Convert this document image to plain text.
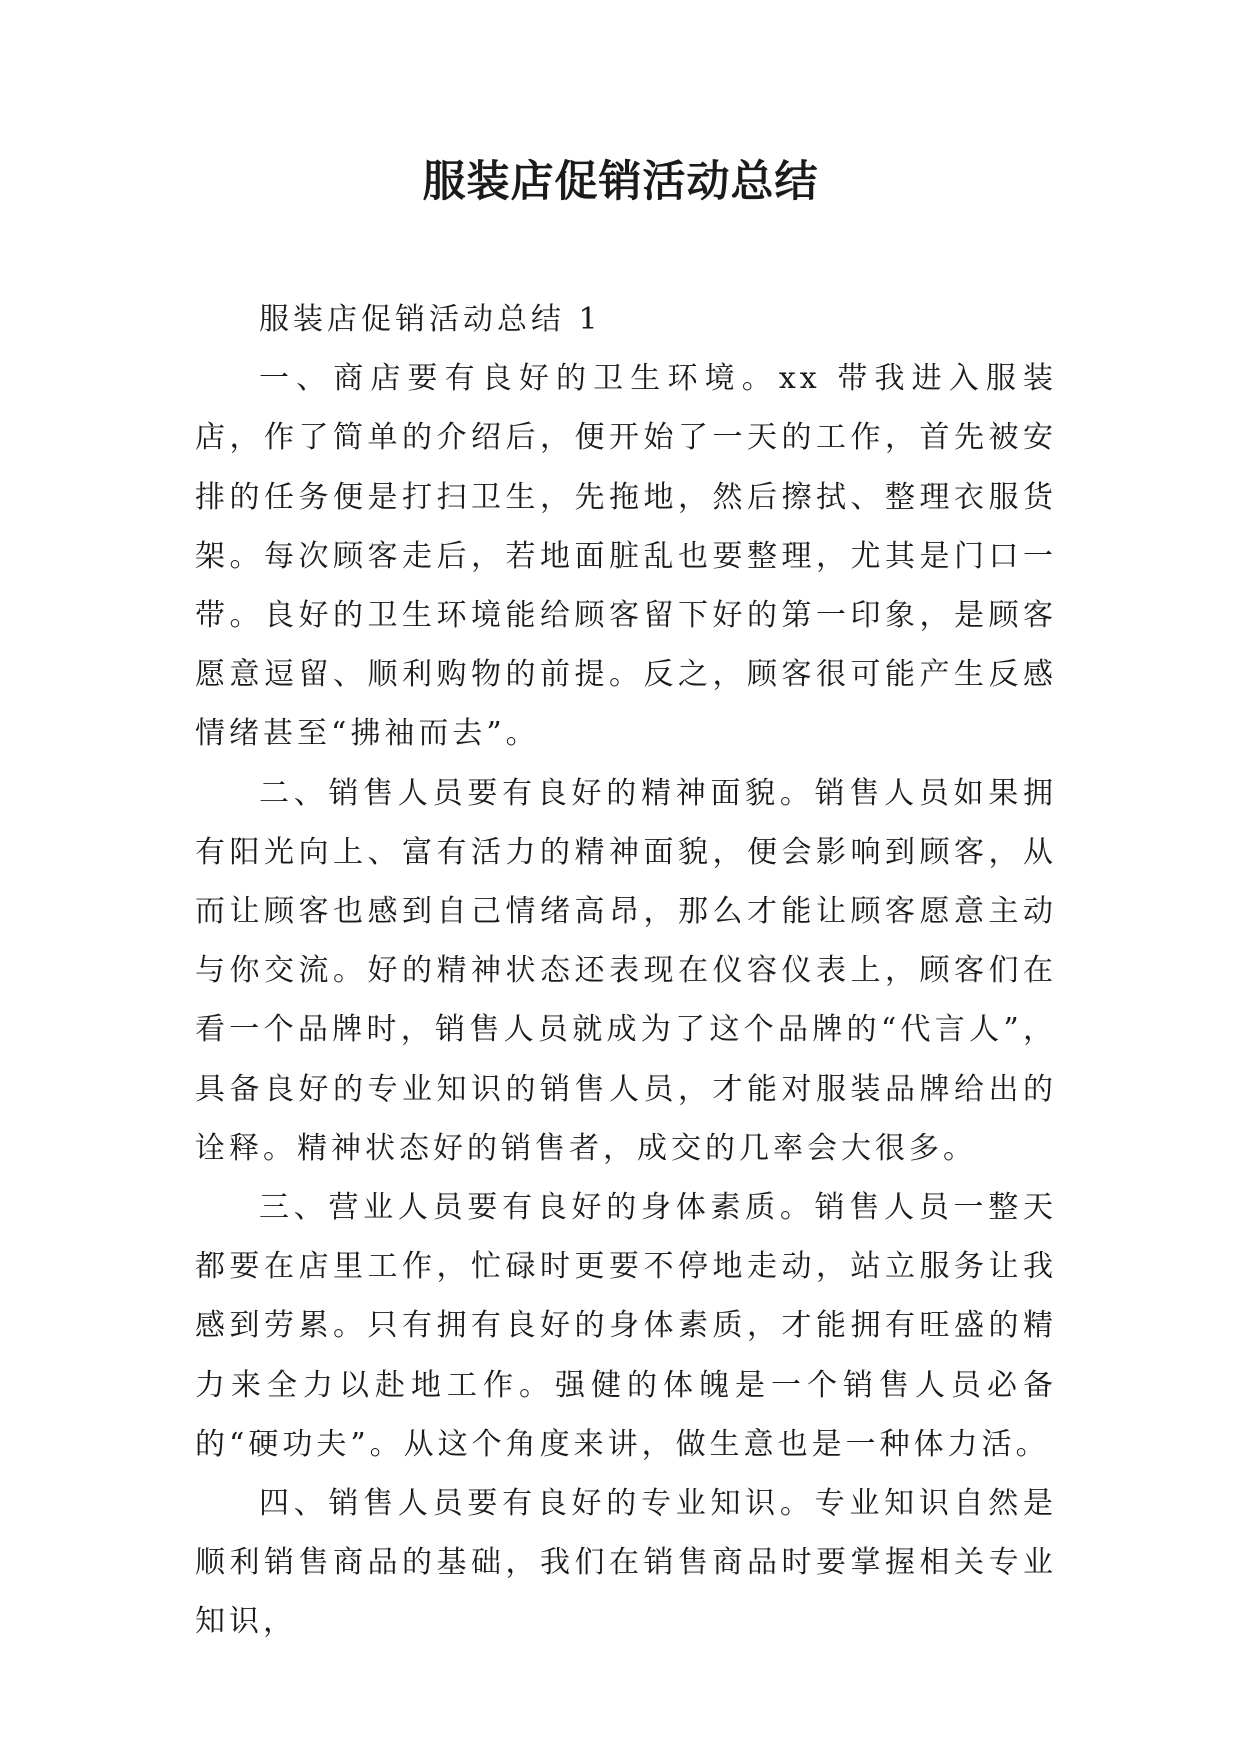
服装店促销活动总结

服装店促销活动总结 1

一、商店要有良好的卫生环境。xx 带我进入服装店，作了简单的介绍后，便开始了一天的工作，首先被安排的任务便是打扫卫生，先拖地，然后擦拭、整理衣服货架。每次顾客走后，若地面脏乱也要整理，尤其是门口一带。良好的卫生环境能给顾客留下好的第一印象，是顾客愿意逗留、顺利购物的前提。反之，顾客很可能产生反感情绪甚至“拂袖而去”。

二、销售人员要有良好的精神面貌。销售人员如果拥有阳光向上、富有活力的精神面貌，便会影响到顾客，从而让顾客也感到自己情绪高昂，那么才能让顾客愿意主动与你交流。好的精神状态还表现在仪容仪表上，顾客们在看一个品牌时，销售人员就成为了这个品牌的“代言人”，具备良好的专业知识的销售人员，才能对服装品牌给出的诠释。精神状态好的销售者，成交的几率会大很多。

三、营业人员要有良好的身体素质。销售人员一整天都要在店里工作，忙碌时更要不停地走动，站立服务让我感到劳累。只有拥有良好的身体素质，才能拥有旺盛的精力来全力以赴地工作。强健的体魄是一个销售人员必备的“硬功夫”。从这个角度来讲，做生意也是一种体力活。

四、销售人员要有良好的专业知识。专业知识自然是顺利销售商品的基础，我们在销售商品时要掌握相关专业知识，
